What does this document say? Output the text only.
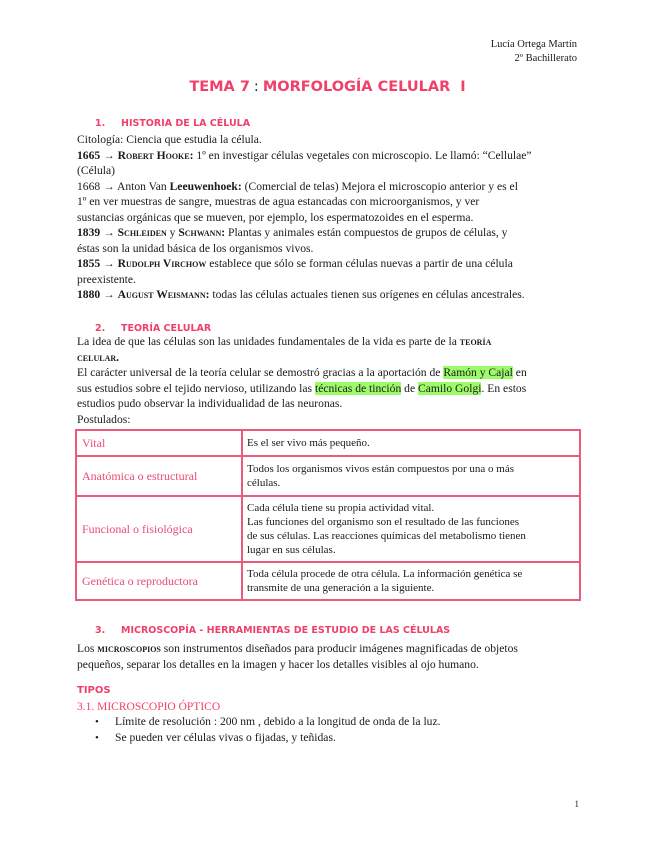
Lucía Ortega Martín
2º Bachillerato
TEMA 7 : MORFOLOGÍA CELULAR I
1. HISTORIA DE LA CÉLULA
Citología: Ciencia que estudia la célula.
1665 → Robert Hooke: 1º en investigar células vegetales con microscopio. Le llamó: “Cellulae”
(Célula)
1668 → Anton Van Leeuwenhoek: (Comercial de telas) Mejora el microscopio anterior y es el
1º en ver muestras de sangre, muestras de agua estancadas con microorganismos, y ver
sustancias orgánicas que se mueven, por ejemplo, los espermatozoides en el esperma.
1839 → Schleiden y Schwann: Plantas y animales están compuestos de grupos de células, y
éstas son la unidad básica de los organismos vivos.
1855 → Rudolph Virchow establece que sólo se forman células nuevas a partir de una célula
preexistente.
1880 → August Weismann: todas las células actuales tienen sus orígenes en células ancestrales.
2. TEORÍA CELULAR
La idea de que las células son las unidades fundamentales de la vida es parte de la teoría
celular.
El carácter universal de la teoría celular se demostró gracias a la aportación de Ramón y Cajal en
sus estudios sobre el tejido nervioso, utilizando las técnicas de tinción de Camilo Golgi. En estos
estudios pudo observar la individualidad de las neuronas.
Postulados:
Vital	Es el ser vivo más pequeño.

Anatómica o estructural	Todos los organismos vivos están compuestos por una o más
células.

Funcional o fisiológica	Cada célula tiene su propia actividad vital.
Las funciones del organismo son el resultado de las funciones
de sus células. Las reacciones químicas del metabolismo tienen
lugar en sus células.

Genética o reproductora	Toda célula procede de otra célula. La información genética se
transmite de una generación a la siguiente.
3. MICROSCOPÍA - HERRAMIENTAS DE ESTUDIO DE LAS CÉLULAS
Los microscopios son instrumentos diseñados para producir imágenes magnificadas de objetos
pequeños, separar los detalles en la imagen y hacer los detalles visibles al ojo humano.
TIPOS
3.1. MICROSCOPIO ÓPTICO
• Límite de resolución : 200 nm , debido a la longitud de onda de la luz.
• Se pueden ver células vivas o fijadas, y teñidas.
1
